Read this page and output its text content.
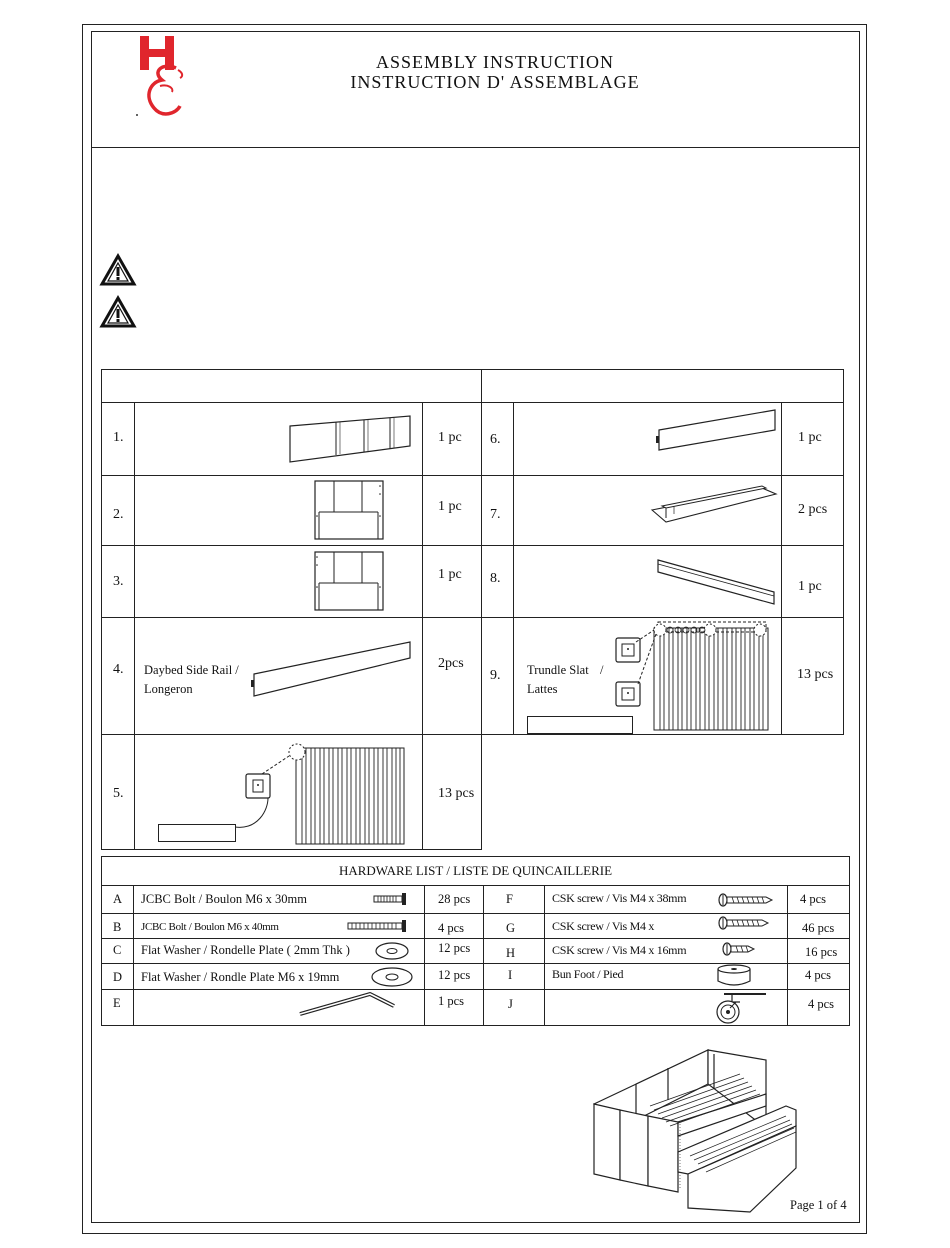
ASSEMBLY INSTRUCTION
INSTRUCTION D' ASSEMBLAGE
1.	1 pc
2.
1 pc
3.	1 pc
4. Daybed Side Rail /
Longeron
2pcs
5.	13 pcs
6.	1 pc
7.	2 pcs
8.
1 pc
9. Trundle Slat /
Lattes
13 pcs
HARDWARE LIST / LISTE DE QUINCAILLERIE
A JCBC Bolt / Boulon M6 x 30mm	28 pcs
B JCBC Bolt / Boulon M6 x 40mm	4 pcs
C Flat Washer / Rondelle Plate ( 2mm Thk )	12 pcs
D Flat Washer / Rondle Plate M6 x 19mm	12 pcs
E	1 pcs
F	CSK screw / Vis M4 x 38mm	4 pcs
G	CSK screw / Vis M4 x	46 pcs
H	CSK screw / Vis M4 x 16mm	16 pcs
I	Bun Foot / Pied	4 pcs
J	4 pcs
Page 1 of 4
